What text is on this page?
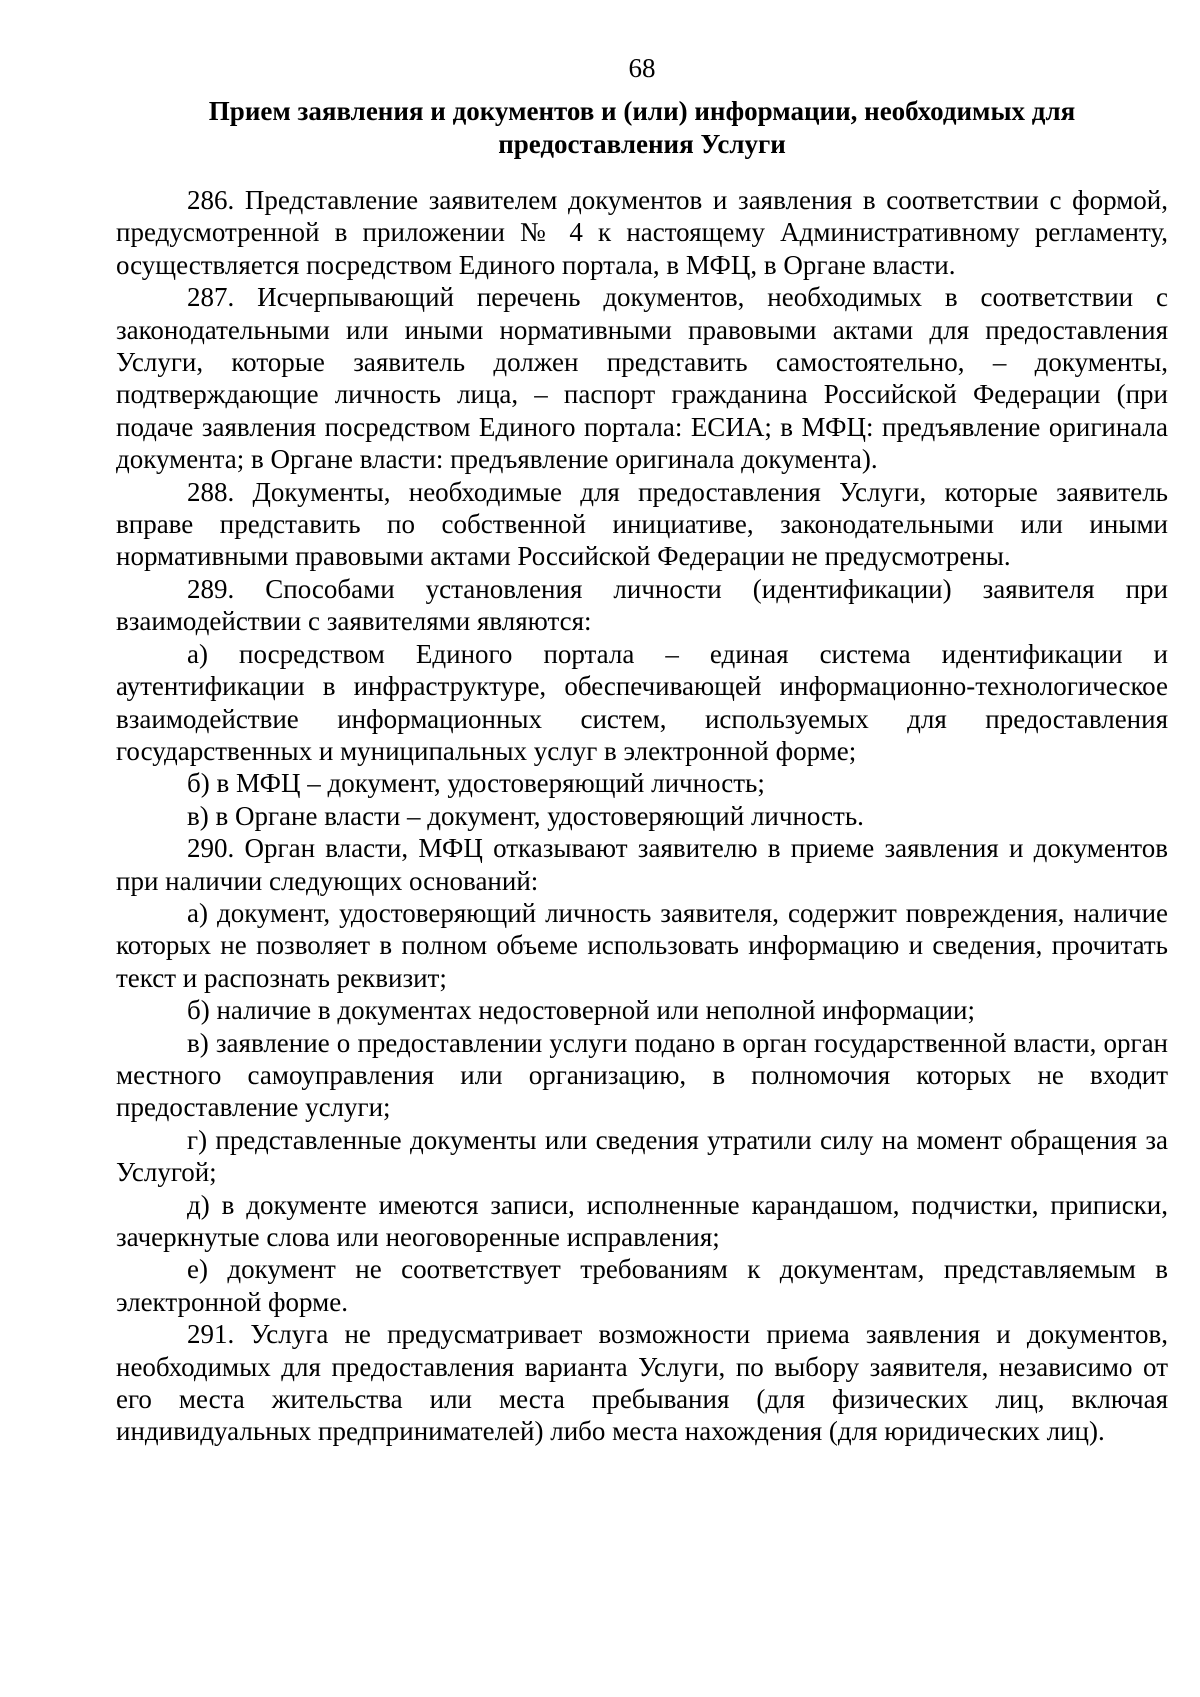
68
Прием заявления и документов и (или) информации, необходимых для предоставления Услуги

286. Представление заявителем документов и заявления в соответствии с формой, предусмотренной в приложении № 4 к настоящему Административному регламенту, осуществляется посредством Единого портала, в МФЦ, в Органе власти.

287. Исчерпывающий перечень документов, необходимых в соответствии с законодательными или иными нормативными правовыми актами для предоставления Услуги, которые заявитель должен представить самостоятельно, – документы, подтверждающие личность лица, – паспорт гражданина Российской Федерации (при подаче заявления посредством Единого портала: ЕСИА; в МФЦ: предъявление оригинала документа; в Органе власти: предъявление оригинала документа).

288. Документы, необходимые для предоставления Услуги, которые заявитель вправе представить по собственной инициативе, законодательными или иными нормативными правовыми актами Российской Федерации не предусмотрены.

289. Способами установления личности (идентификации) заявителя при взаимодействии с заявителями являются:

а) посредством Единого портала – единая система идентификации и аутентификации в инфраструктуре, обеспечивающей информационно-технологическое взаимодействие информационных систем, используемых для предоставления государственных и муниципальных услуг в электронной форме;

б) в МФЦ – документ, удостоверяющий личность;

в) в Органе власти – документ, удостоверяющий личность.

290. Орган власти, МФЦ отказывают заявителю в приеме заявления и документов при наличии следующих оснований:

а) документ, удостоверяющий личность заявителя, содержит повреждения, наличие которых не позволяет в полном объеме использовать информацию и сведения, прочитать текст и распознать реквизит;

б) наличие в документах недостоверной или неполной информации;

в) заявление о предоставлении услуги подано в орган государственной власти, орган местного самоуправления или организацию, в полномочия которых не входит предоставление услуги;

г) представленные документы или сведения утратили силу на момент обращения за Услугой;

д) в документе имеются записи, исполненные карандашом, подчистки, приписки, зачеркнутые слова или неоговоренные исправления;

е) документ не соответствует требованиям к документам, представляемым в электронной форме.

291. Услуга не предусматривает возможности приема заявления и документов, необходимых для предоставления варианта Услуги, по выбору заявителя, независимо от его места жительства или места пребывания (для физических лиц, включая индивидуальных предпринимателей) либо места нахождения (для юридических лиц).
